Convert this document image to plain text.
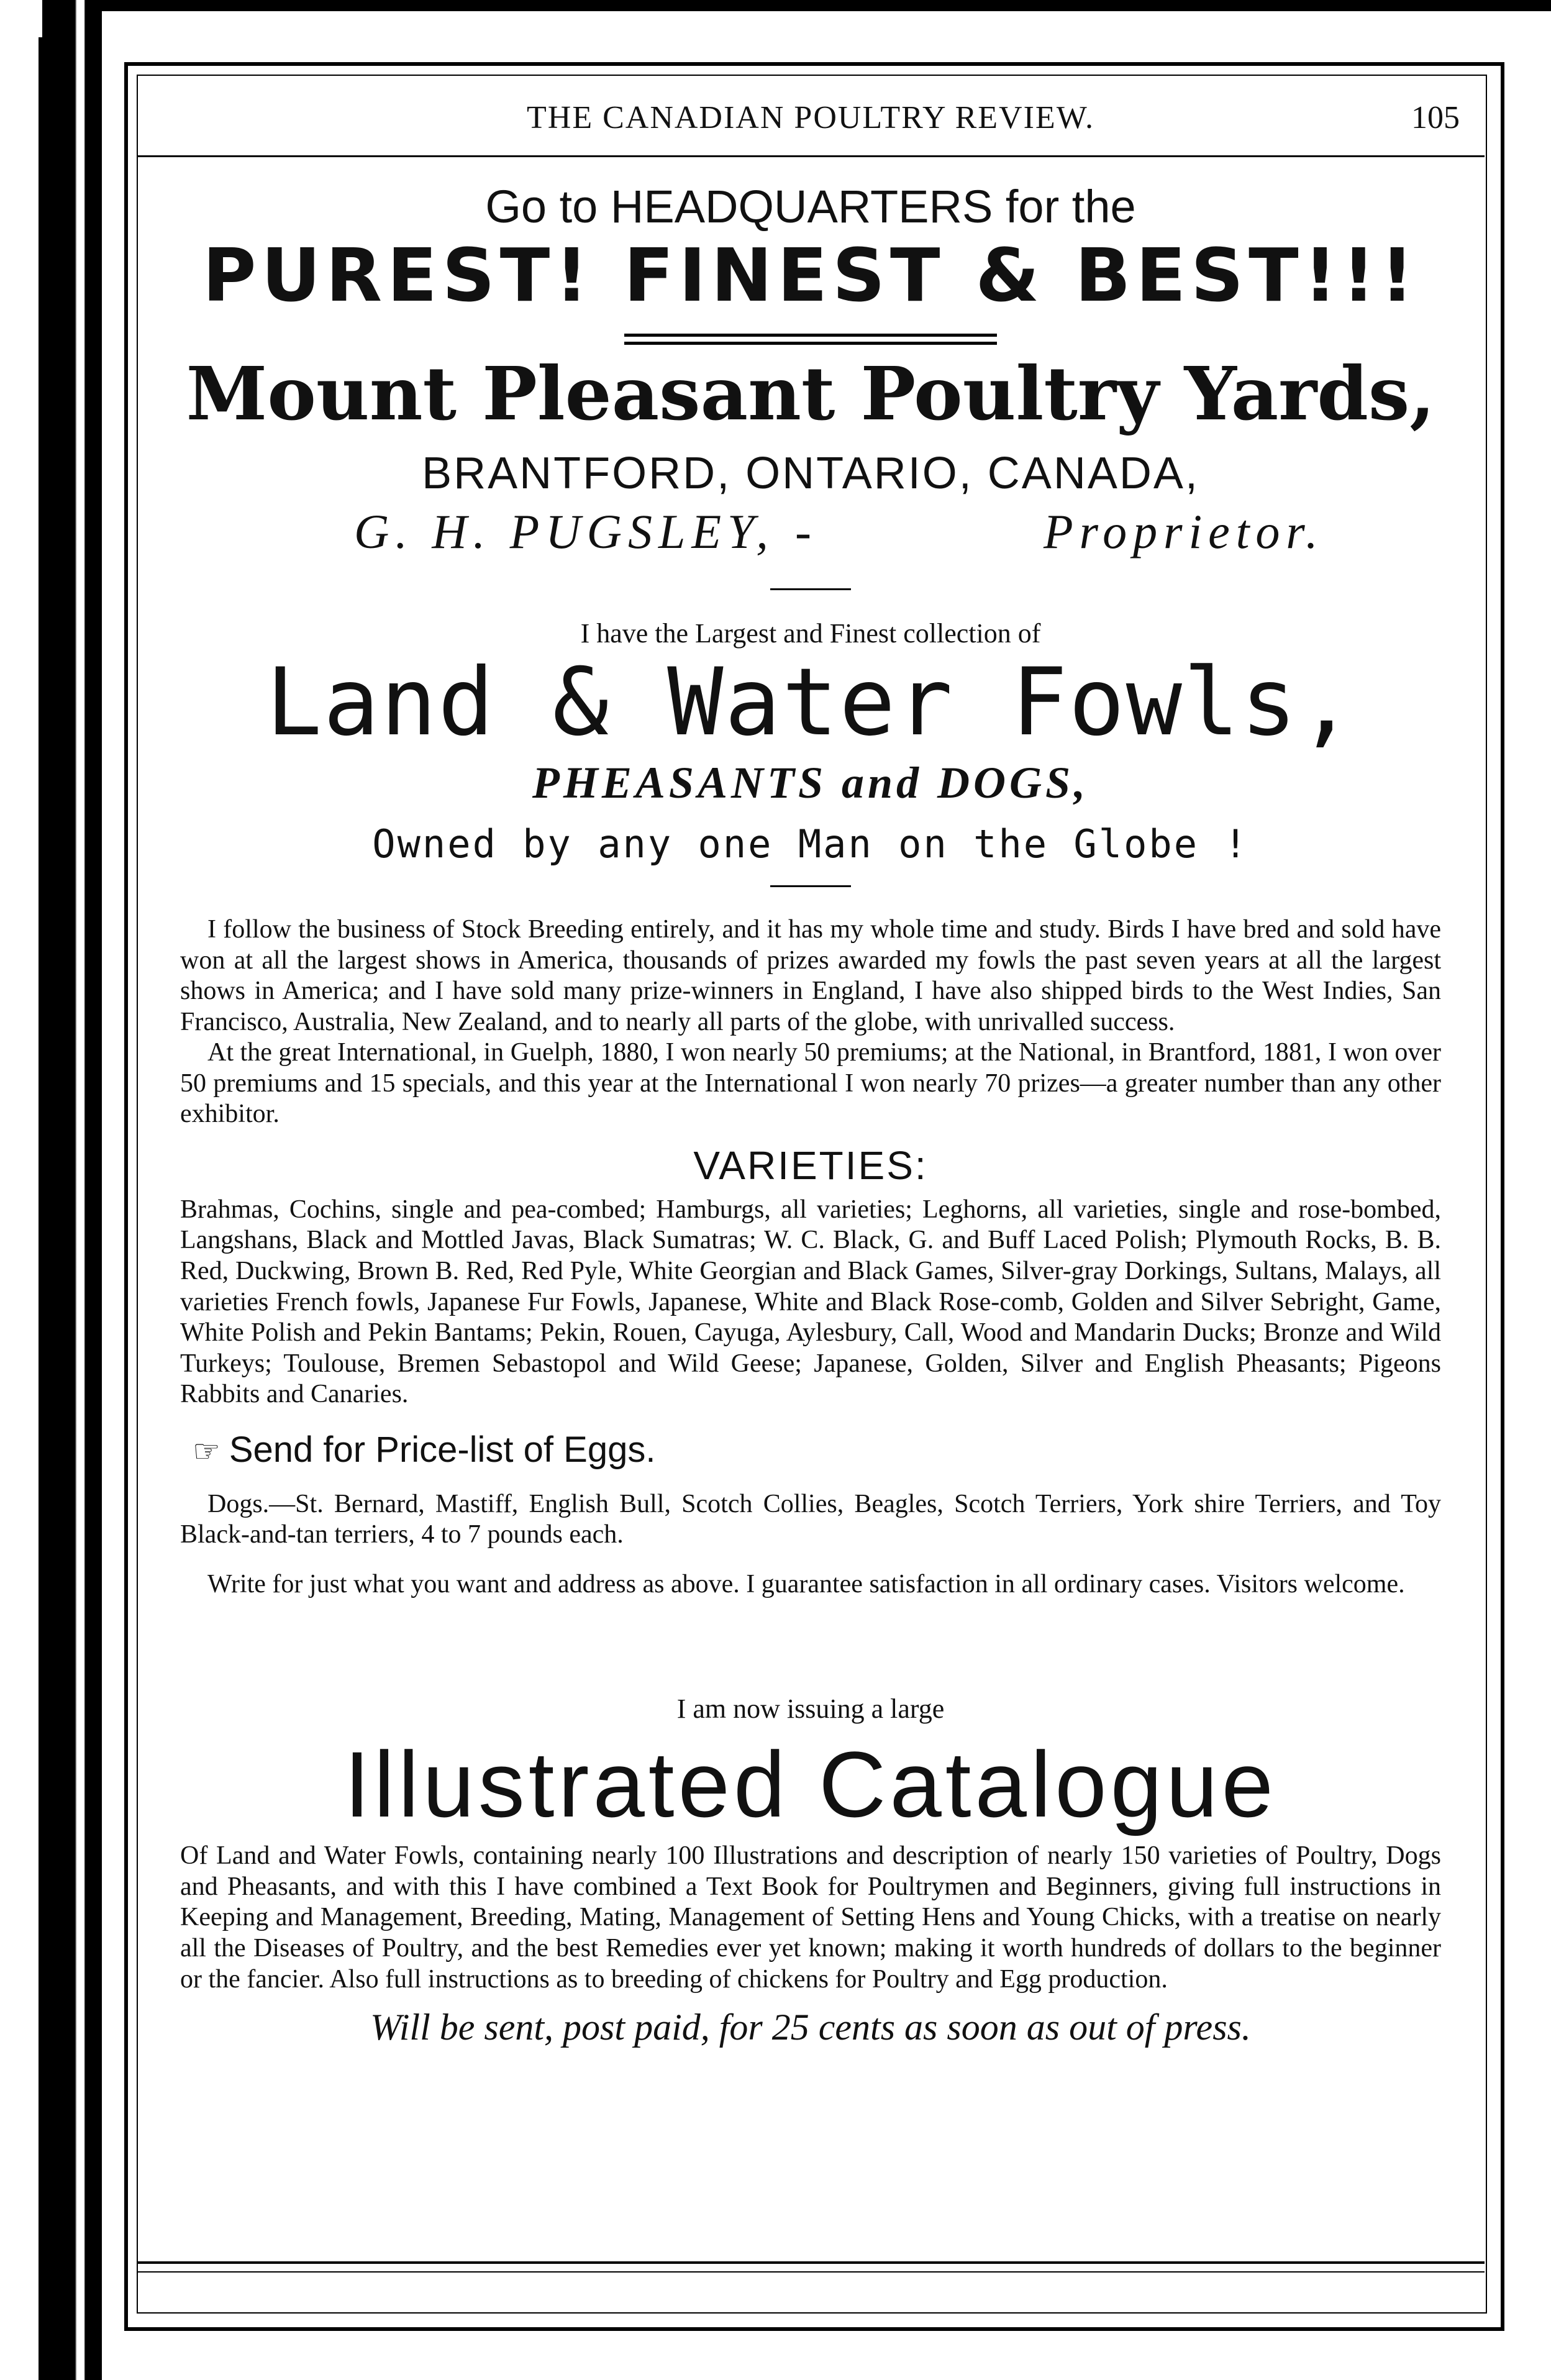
THE CANADIAN POULTRY REVIEW.	105
Go to HEADQUARTERS for the
PUREST! FINEST & BEST!!!
Mount Pleasant Poultry Yards,
BRANTFORD, ONTARIO, CANADA,
G. H. PUGSLEY, -	Proprietor.
I have the Largest and Finest collection of
Land & Water Fowls,
PHEASANTS and DOGS,
Owned by any one Man on the Globe !

I follow the business of Stock Breeding entirely, and it has my whole time and study. Birds I have bred and sold have won at all the largest shows in America, thousands of prizes awarded my fowls the past seven years at all the largest shows in America; and I have sold many prize-winners in England, I have also shipped birds to the West Indies, San Francisco, Australia, New Zealand, and to nearly all parts of the globe, with unrivalled success.

At the great International, in Guelph, 1880, I won nearly 50 premiums; at the National, in Brantford, 1881, I won over 50 premiums and 15 specials, and this year at the International I won nearly 70 prizes—a greater number than any other exhibitor.

VARIETIES:

Brahmas, Cochins, single and pea-combed; Hamburgs, all varieties; Leghorns, all varieties, single and rose-bombed, Langshans, Black and Mottled Javas, Black Sumatras; W. C. Black, G. and Buff Laced Polish; Plymouth Rocks, B. B. Red, Duckwing, Brown B. Red, Red Pyle, White Georgian and Black Games, Silver-gray Dorkings, Sultans, Malays, all varieties French fowls, Japanese Fur Fowls, Japanese, White and Black Rose-comb, Golden and Silver Sebright, Game, White Polish and Pekin Bantams; Pekin, Rouen, Cayuga, Aylesbury, Call, Wood and Mandarin Ducks; Bronze and Wild Turkeys; Toulouse, Bremen Sebastopol and Wild Geese; Japanese, Golden, Silver and English Pheasants; Pigeons Rabbits and Canaries.

☞ Send for Price-list of Eggs.

Dogs.—St. Bernard, Mastiff, English Bull, Scotch Collies, Beagles, Scotch Terriers, York shire Terriers, and Toy Black-and-tan terriers, 4 to 7 pounds each.

Write for just what you want and address as above. I guarantee satisfaction in all ordinary cases. Visitors welcome.

I am now issuing a large
Illustrated Catalogue

Of Land and Water Fowls, containing nearly 100 Illustrations and description of nearly 150 varieties of Poultry, Dogs and Pheasants, and with this I have combined a Text Book for Poultrymen and Beginners, giving full instructions in Keeping and Management, Breeding, Mating, Management of Setting Hens and Young Chicks, with a treatise on nearly all the Diseases of Poultry, and the best Remedies ever yet known; making it worth hundreds of dollars to the beginner or the fancier. Also full instructions as to breeding of chickens for Poultry and Egg production.

Will be sent, post paid, for 25 cents as soon as out of press.
